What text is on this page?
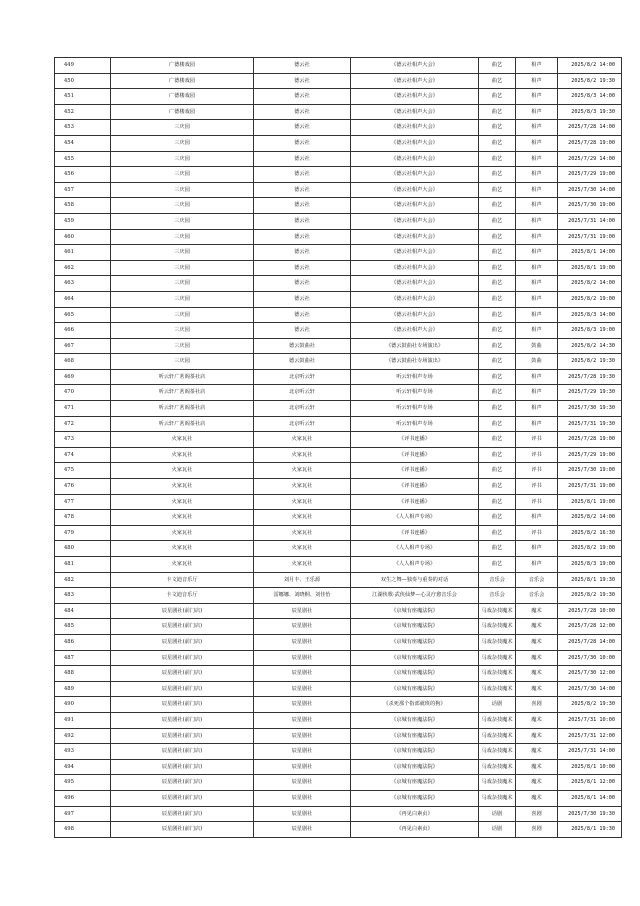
449	广德楼戏园	德云社	《德云社相声大会》	曲艺	相声	2025/8/2 14:00
450	广德楼戏园	德云社	《德云社相声大会》	曲艺	相声	2025/8/2 19:30
451	广德楼戏园	德云社	《德云社相声大会》	曲艺	相声	2025/8/3 14:00
452	广德楼戏园	德云社	《德云社相声大会》	曲艺	相声	2025/8/3 19:30
453	三庆园	德云社	《德云社相声大会》	曲艺	相声	2025/7/28 14:00
454	三庆园	德云社	《德云社相声大会》	曲艺	相声	2025/7/28 19:00
455	三庆园	德云社	《德云社相声大会》	曲艺	相声	2025/7/29 14:00
456	三庆园	德云社	《德云社相声大会》	曲艺	相声	2025/7/29 19:00
457	三庆园	德云社	《德云社相声大会》	曲艺	相声	2025/7/30 14:00
458	三庆园	德云社	《德云社相声大会》	曲艺	相声	2025/7/30 19:00
459	三庆园	德云社	《德云社相声大会》	曲艺	相声	2025/7/31 14:00
460	三庆园	德云社	《德云社相声大会》	曲艺	相声	2025/7/31 19:00
461	三庆园	德云社	《德云社相声大会》	曲艺	相声	2025/8/1 14:00
462	三庆园	德云社	《德云社相声大会》	曲艺	相声	2025/8/1 19:00
463	三庆园	德云社	《德云社相声大会》	曲艺	相声	2025/8/2 14:00
464	三庆园	德云社	《德云社相声大会》	曲艺	相声	2025/8/2 19:00
465	三庆园	德云社	《德云社相声大会》	曲艺	相声	2025/8/3 14:00
466	三庆园	德云社	《德云社相声大会》	曲艺	相声	2025/8/3 19:00
467	三庆园	德云鼓曲社	《德云鼓曲社专场演出》	曲艺	鼓曲	2025/8/2 14:30
468	三庆园	德云鼓曲社	《德云鼓曲社专场演出》	曲艺	鼓曲	2025/8/2 19:30
469	听云轩广茗阁茶社店	北京听云轩	听云轩相声专场	曲艺	相声	2025/7/28 19:30
470	听云轩广茗阁茶社店	北京听云轩	听云轩相声专场	曲艺	相声	2025/7/29 19:30
471	听云轩广茗阁茶社店	北京听云轩	听云轩相声专场	曲艺	相声	2025/7/30 19:30
472	听云轩广茗阁茶社店	北京听云轩	听云轩相声专场	曲艺	相声	2025/7/31 19:30
473	火家瓦社	火家瓦社	《评书连播》	曲艺	评书	2025/7/28 19:00
474	火家瓦社	火家瓦社	《评书连播》	曲艺	评书	2025/7/29 19:00
475	火家瓦社	火家瓦社	《评书连播》	曲艺	评书	2025/7/30 19:00
476	火家瓦社	火家瓦社	《评书连播》	曲艺	评书	2025/7/31 19:00
477	火家瓦社	火家瓦社	《评书连播》	曲艺	评书	2025/8/1 19:00
478	火家瓦社	火家瓦社	《人人相声专场》	曲艺	相声	2025/8/2 14:00
479	火家瓦社	火家瓦社	《评书连播》	曲艺	评书	2025/8/2 16:30
480	火家瓦社	火家瓦社	《人人相声专场》	曲艺	相声	2025/8/2 19:00
481	火家瓦社	火家瓦社	《人人相声专场》	曲艺	相声	2025/8/3 19:00
482	卡文迪音乐厅	刘月丰、王乐源	双生之舞—独奏与重奏的对话	音乐会	音乐会	2025/8/1 19:30
483	卡文迪音乐厅	雷娜娜、刘晓桐、刘佳怡	江湖侠歌·武侠仙梦—心灵疗愈音乐会	音乐会	音乐会	2025/8/2 19:30
484	辰星剧社(前门店)	辰星剧社	《京城有座魔法院》	马戏杂技魔术	魔术	2025/7/28 10:00
485	辰星剧社(前门店)	辰星剧社	《京城有座魔法院》	马戏杂技魔术	魔术	2025/7/28 12:00
486	辰星剧社(前门店)	辰星剧社	《京城有座魔法院》	马戏杂技魔术	魔术	2025/7/28 14:00
487	辰星剧社(前门店)	辰星剧社	《京城有座魔法院》	马戏杂技魔术	魔术	2025/7/30 10:00
488	辰星剧社(前门店)	辰星剧社	《京城有座魔法院》	马戏杂技魔术	魔术	2025/7/30 12:00
489	辰星剧社(前门店)	辰星剧社	《京城有座魔法院》	马戏杂技魔术	魔术	2025/7/30 14:00
490	辰星剧社(前门店)	辰星剧社	《杀死那个指部就班的狗》	话剧	喜剧	2025/8/2 19:30
491	辰星剧社(前门店)	辰星剧社	《京城有座魔法院》	马戏杂技魔术	魔术	2025/7/31 10:00
492	辰星剧社(前门店)	辰星剧社	《京城有座魔法院》	马戏杂技魔术	魔术	2025/7/31 12:00
493	辰星剧社(前门店)	辰星剧社	《京城有座魔法院》	马戏杂技魔术	魔术	2025/7/31 14:00
494	辰星剧社(前门店)	辰星剧社	《京城有座魔法院》	马戏杂技魔术	魔术	2025/8/1 10:00
495	辰星剧社(前门店)	辰星剧社	《京城有座魔法院》	马戏杂技魔术	魔术	2025/8/1 12:00
496	辰星剧社(前门店)	辰星剧社	《京城有座魔法院》	马戏杂技魔术	魔术	2025/8/1 14:00
497	辰星剧社(前门店)	辰星剧社	《再见白素贞》	话剧	喜剧	2025/7/30 19:30
498	辰星剧社(前门店)	辰星剧社	《再见白素贞》	话剧	喜剧	2025/8/1 19:30
